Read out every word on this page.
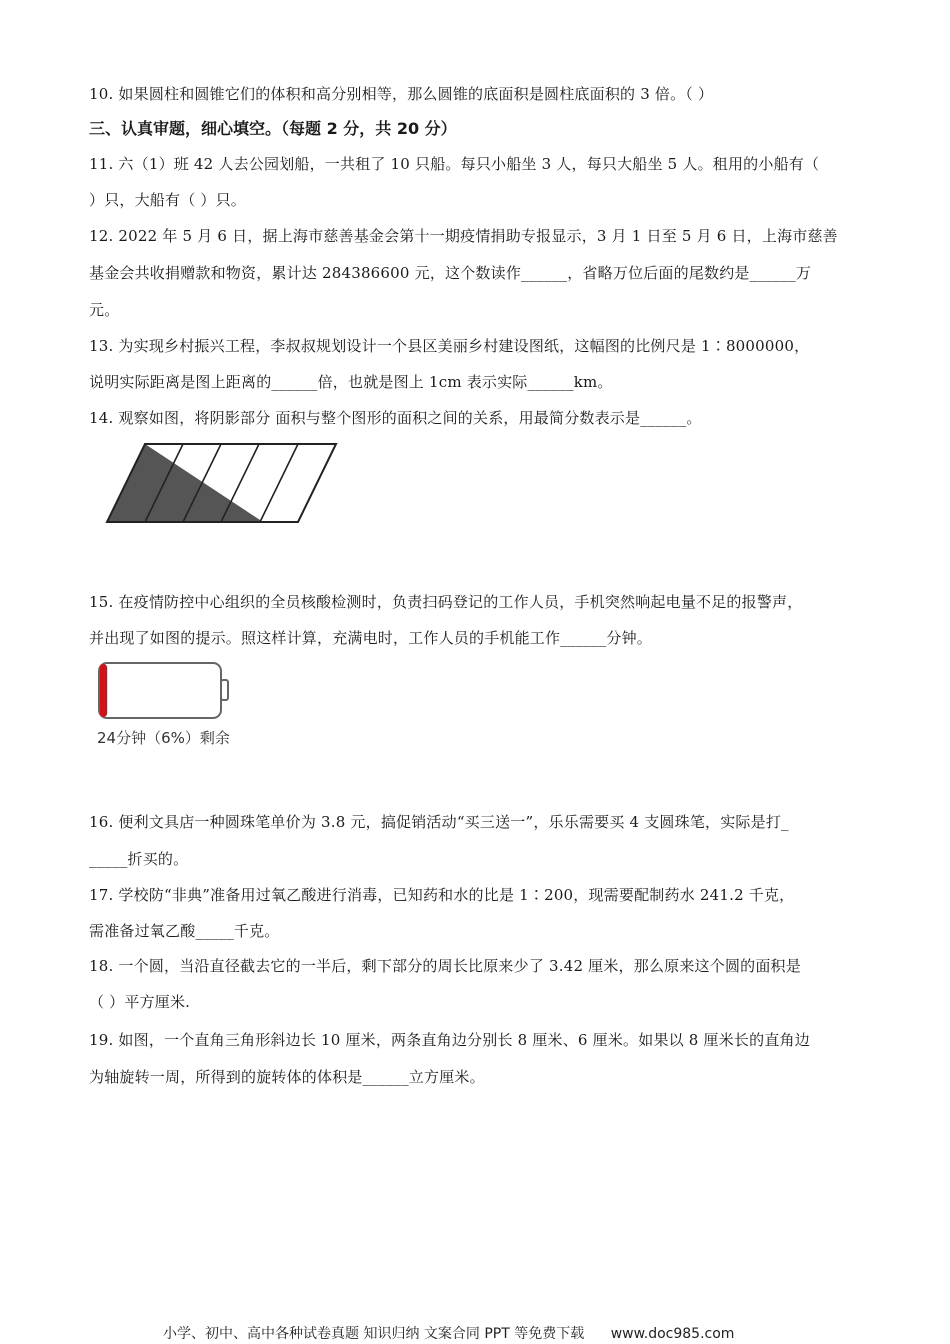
10. 如果圆柱和圆锥它们的体积和高分别相等，那么圆锥的底面积是圆柱底面积的 3 倍。（ ）
三、认真审题，细心填空。（每题 2 分，共 20 分）
11. 六（1）班 42 人去公园划船，一共租了 10 只船。每只小船坐 3 人，每只大船坐 5 人。租用的小船有（
）只，大船有（ ）只。
12. 2022 年 5 月 6 日，据上海市慈善基金会第十一期疫情捐助专报显示，3 月 1 日至 5 月 6 日，上海市慈善
基金会共收捐赠款和物资，累计达 284386600 元，这个数读作______，省略万位后面的尾数约是______万
元。
13. 为实现乡村振兴工程，李叔叔规划设计一个县区美丽乡村建设图纸，这幅图的比例尺是 1∶8000000，
说明实际距离是图上距离的______倍，也就是图上 1cm 表示实际______km。
14. 观察如图，将阴影部分 面积与整个图形的面积之间的关系，用最简分数表示是______。
15. 在疫情防控中心组织的全员核酸检测时，负责扫码登记的工作人员，手机突然响起电量不足的报警声，
并出现了如图的提示。照这样计算，充满电时，工作人员的手机能工作______分钟。
24分钟（6%）剩余
16. 便利文具店一种圆珠笔单价为 3.8 元，搞促销活动“买三送一”，乐乐需要买 4 支圆珠笔，实际是打_
_____折买的。
17. 学校防“非典”准备用过氧乙酸进行消毒，已知药和水的比是 1∶200，现需要配制药水 241.2 千克，
需准备过氧乙酸_____千克。
18. 一个圆，当沿直径截去它的一半后，剩下部分的周长比原来少了 3.42 厘米，那么原来这个圆的面积是
（ ）平方厘米.
19. 如图，一个直角三角形斜边长 10 厘米，两条直角边分别长 8 厘米、6 厘米。如果以 8 厘米长的直角边
为轴旋转一周，所得到的旋转体的体积是______立方厘米。
小学、初中、高中各种试卷真题 知识归纳 文案合同 PPT 等免费下载 www.doc985.com
